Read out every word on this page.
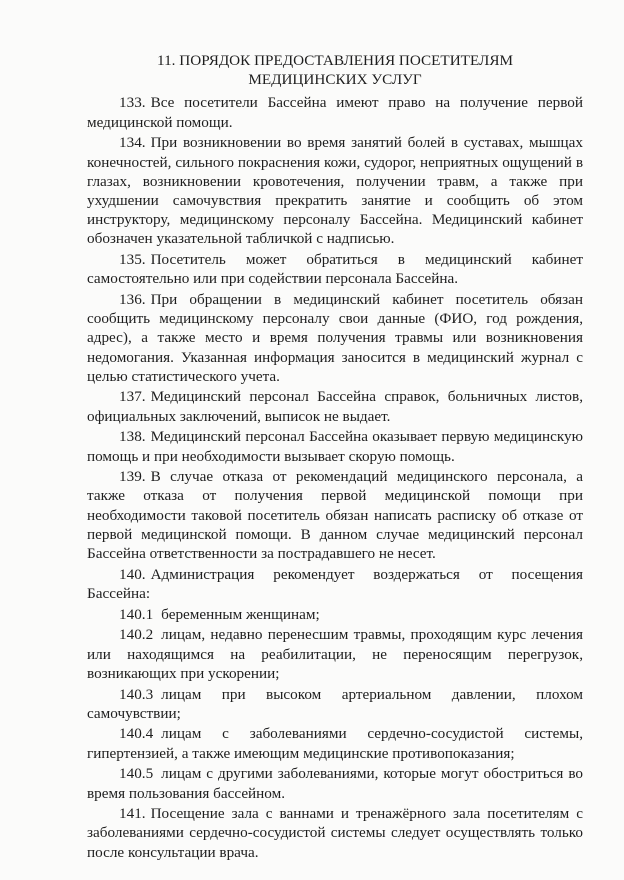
11. ПОРЯДОК ПРЕДОСТАВЛЕНИЯ ПОСЕТИТЕЛЯМ
МЕДИЦИНСКИХ УСЛУГ

133. Все посетители Бассейна имеют право на получение первой медицинской помощи.

134. При возникновении во время занятий болей в суставах, мышцах конечностей, сильного покраснения кожи, судорог, неприятных ощущений в глазах, возникновении кровотечения, получении травм, а также при ухудшении самочувствия прекратить занятие и сообщить об этом инструктору, медицинскому персоналу Бассейна. Медицинский кабинет обозначен указательной табличкой с надписью.

135. Посетитель может обратиться в медицинский кабинет самостоятельно или при содействии персонала Бассейна.

136. При обращении в медицинский кабинет посетитель обязан сообщить медицинскому персоналу свои данные (ФИО, год рождения, адрес), а также место и время получения травмы или возникновения недомогания. Указанная информация заносится в медицинский журнал с целью статистического учета.

137. Медицинский персонал Бассейна справок, больничных листов, официальных заключений, выписок не выдает.

138. Медицинский персонал Бассейна оказывает первую медицинскую помощь и при необходимости вызывает скорую помощь.

139. В случае отказа от рекомендаций медицинского персонала, а также отказа от получения первой медицинской помощи при необходимости таковой посетитель обязан написать расписку об отказе от первой медицинской помощи. В данном случае медицинский персонал Бассейна ответственности за пострадавшего не несет.

140. Администрация рекомендует воздержаться от посещения Бассейна:

140.1 беременным женщинам;

140.2 лицам, недавно перенесшим травмы, проходящим курс лечения или находящимся на реабилитации, не переносящим перегрузок, возникающих при ускорении;

140.3 лицам при высоком артериальном давлении, плохом самочувствии;

140.4 лицам с заболеваниями сердечно-сосудистой системы, гипертензией, а также имеющим медицинские противопоказания;

140.5 лицам с другими заболеваниями, которые могут обостриться во время пользования бассейном.

141. Посещение зала с ваннами и тренажёрного зала посетителям с заболеваниями сердечно-сосудистой системы следует осуществлять только после консультации врача.
